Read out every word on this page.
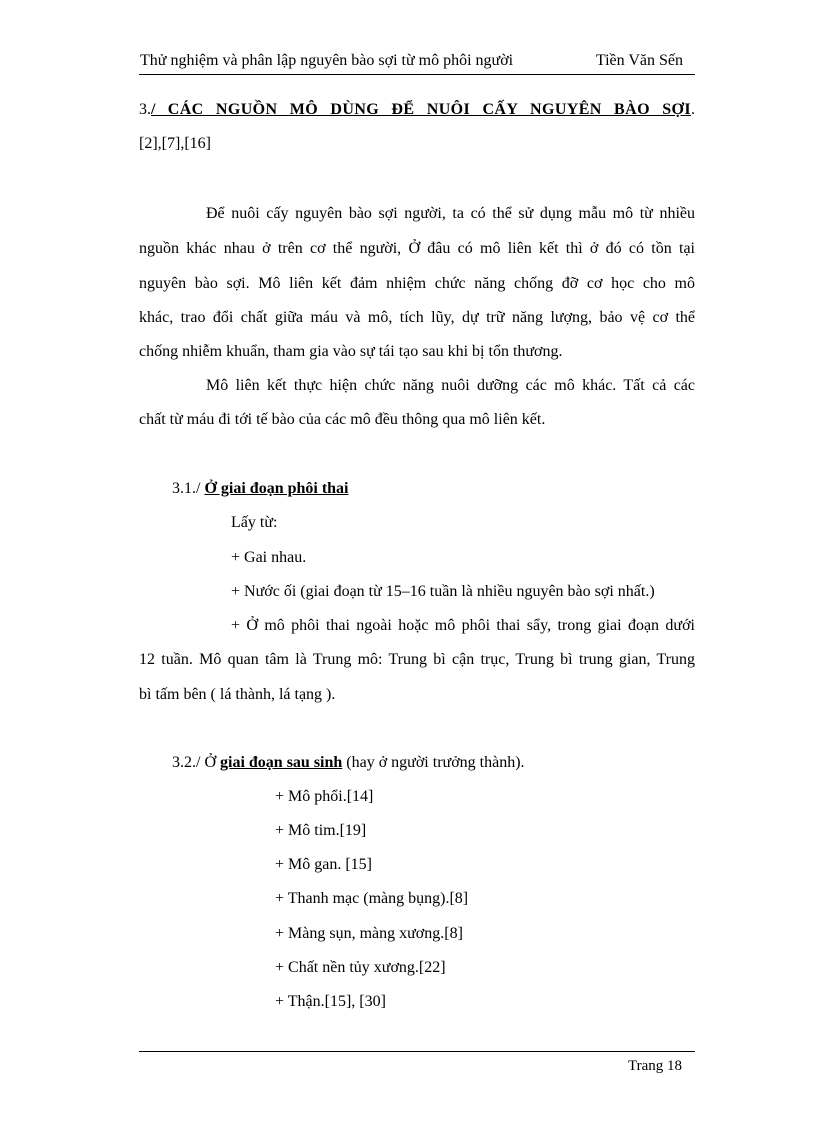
Thử nghiệm và phân lập nguyên bào sợi từ mô phôi người	Tiền Văn Sến
3./ CÁC NGUỒN MÔ DÙNG ĐỂ NUÔI CẤY NGUYÊN BÀO SỢI.
[2],[7],[16]
Để nuôi cấy nguyên bào sợi người, ta có thể sử dụng mẫu mô từ nhiều
nguồn khác nhau ở trên cơ thể người, Ở đâu có mô liên kết thì ở đó có tồn tại
nguyên bào sợi. Mô liên kết đảm nhiệm chức năng chống đỡ cơ học cho mô
khác, trao đổi chất giữa máu và mô, tích lũy, dự trữ năng lượng, bảo vệ cơ thể
chống nhiễm khuẩn, tham gia vào sự tái tạo sau khi bị tổn thương.
Mô liên kết thực hiện chức năng nuôi dưỡng các mô khác. Tất cả các
chất từ máu đi tới tế bào của các mô đều thông qua mô liên kết.
3.1./ Ở giai đoạn phôi thai
Lấy từ:
+ Gai nhau.
+ Nước ối (giai đoạn từ 15–16 tuần là nhiều nguyên bào sợi nhất.)
+ Ở mô phôi thai ngoài hoặc mô phôi thai sẩy, trong giai đoạn dưới
12 tuần. Mô quan tâm là Trung mô: Trung bì cận trục, Trung bì trung gian, Trung
bì tấm bên ( lá thành, lá tạng ).
3.2./ Ở giai đoạn sau sinh (hay ở người trưởng thành).
+ Mô phổi.[14]
+ Mô tim.[19]
+ Mô gan. [15]
+ Thanh mạc (màng bụng).[8]
+ Màng sụn, màng xương.[8]
+ Chất nền tủy xương.[22]
+ Thận.[15], [30]
Trang 18
